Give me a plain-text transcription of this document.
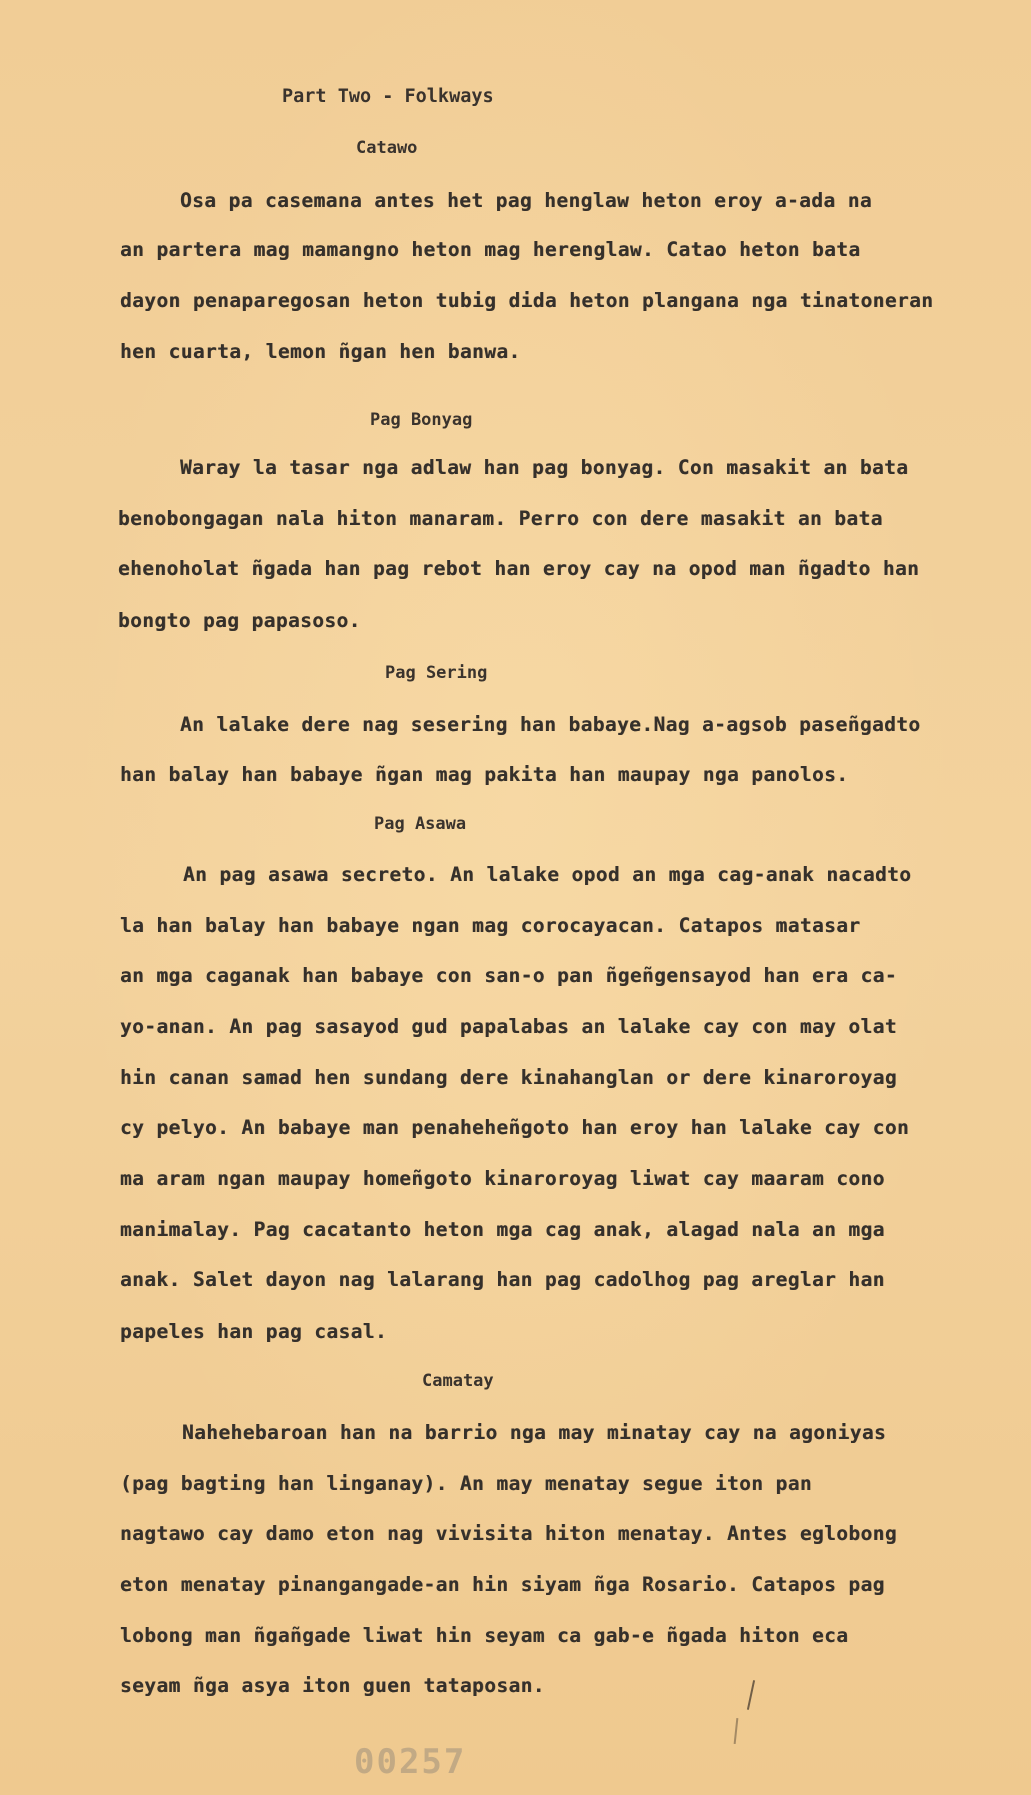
Part Two - Folkways
Catawo
Osa pa casemana antes het pag henglaw heton eroy a-ada na
an partera mag mamangno heton mag herenglaw. Catao heton bata
dayon penaparegosan heton tubig dida heton plangana nga tinatoneran
hen cuarta, lemon ñgan hen banwa.
Pag Bonyag
Waray la tasar nga adlaw han pag bonyag. Con masakit an bata
benobongagan nala hiton manaram. Perro con dere masakit an bata
ehenoholat ñgada han pag rebot han eroy cay na opod man ñgadto han
bongto pag papasoso.
Pag Sering
An lalake dere nag sesering han babaye.Nag a-agsob paseñgadto
han balay han babaye ñgan mag pakita han maupay nga panolos.
Pag Asawa
An pag asawa secreto. An lalake opod an mga cag-anak nacadto
la han balay han babaye ngan mag corocayacan. Catapos matasar
an mga caganak han babaye con san-o pan ñgeñgensayod han era ca-
yo-anan. An pag sasayod gud papalabas an lalake cay con may olat
hin canan samad hen sundang dere kinahanglan or dere kinaroroyag
cy pelyo. An babaye man penaheheñgoto han eroy han lalake cay con
ma aram ngan maupay homeñgoto kinaroroyag liwat cay maaram cono
manimalay. Pag cacatanto heton mga cag anak, alagad nala an mga
anak. Salet dayon nag lalarang han pag cadolhog pag areglar han
papeles han pag casal.
Camatay
Nahehebaroan han na barrio nga may minatay cay na agoniyas
(pag bagting han linganay). An may menatay segue iton pan
nagtawo cay damo eton nag vivisita hiton menatay. Antes eglobong
eton menatay pinangangade-an hin siyam ñga Rosario. Catapos pag
lobong man ñgañgade liwat hin seyam ca gab-e ñgada hiton eca
seyam ñga asya iton guen tataposan.
00257
